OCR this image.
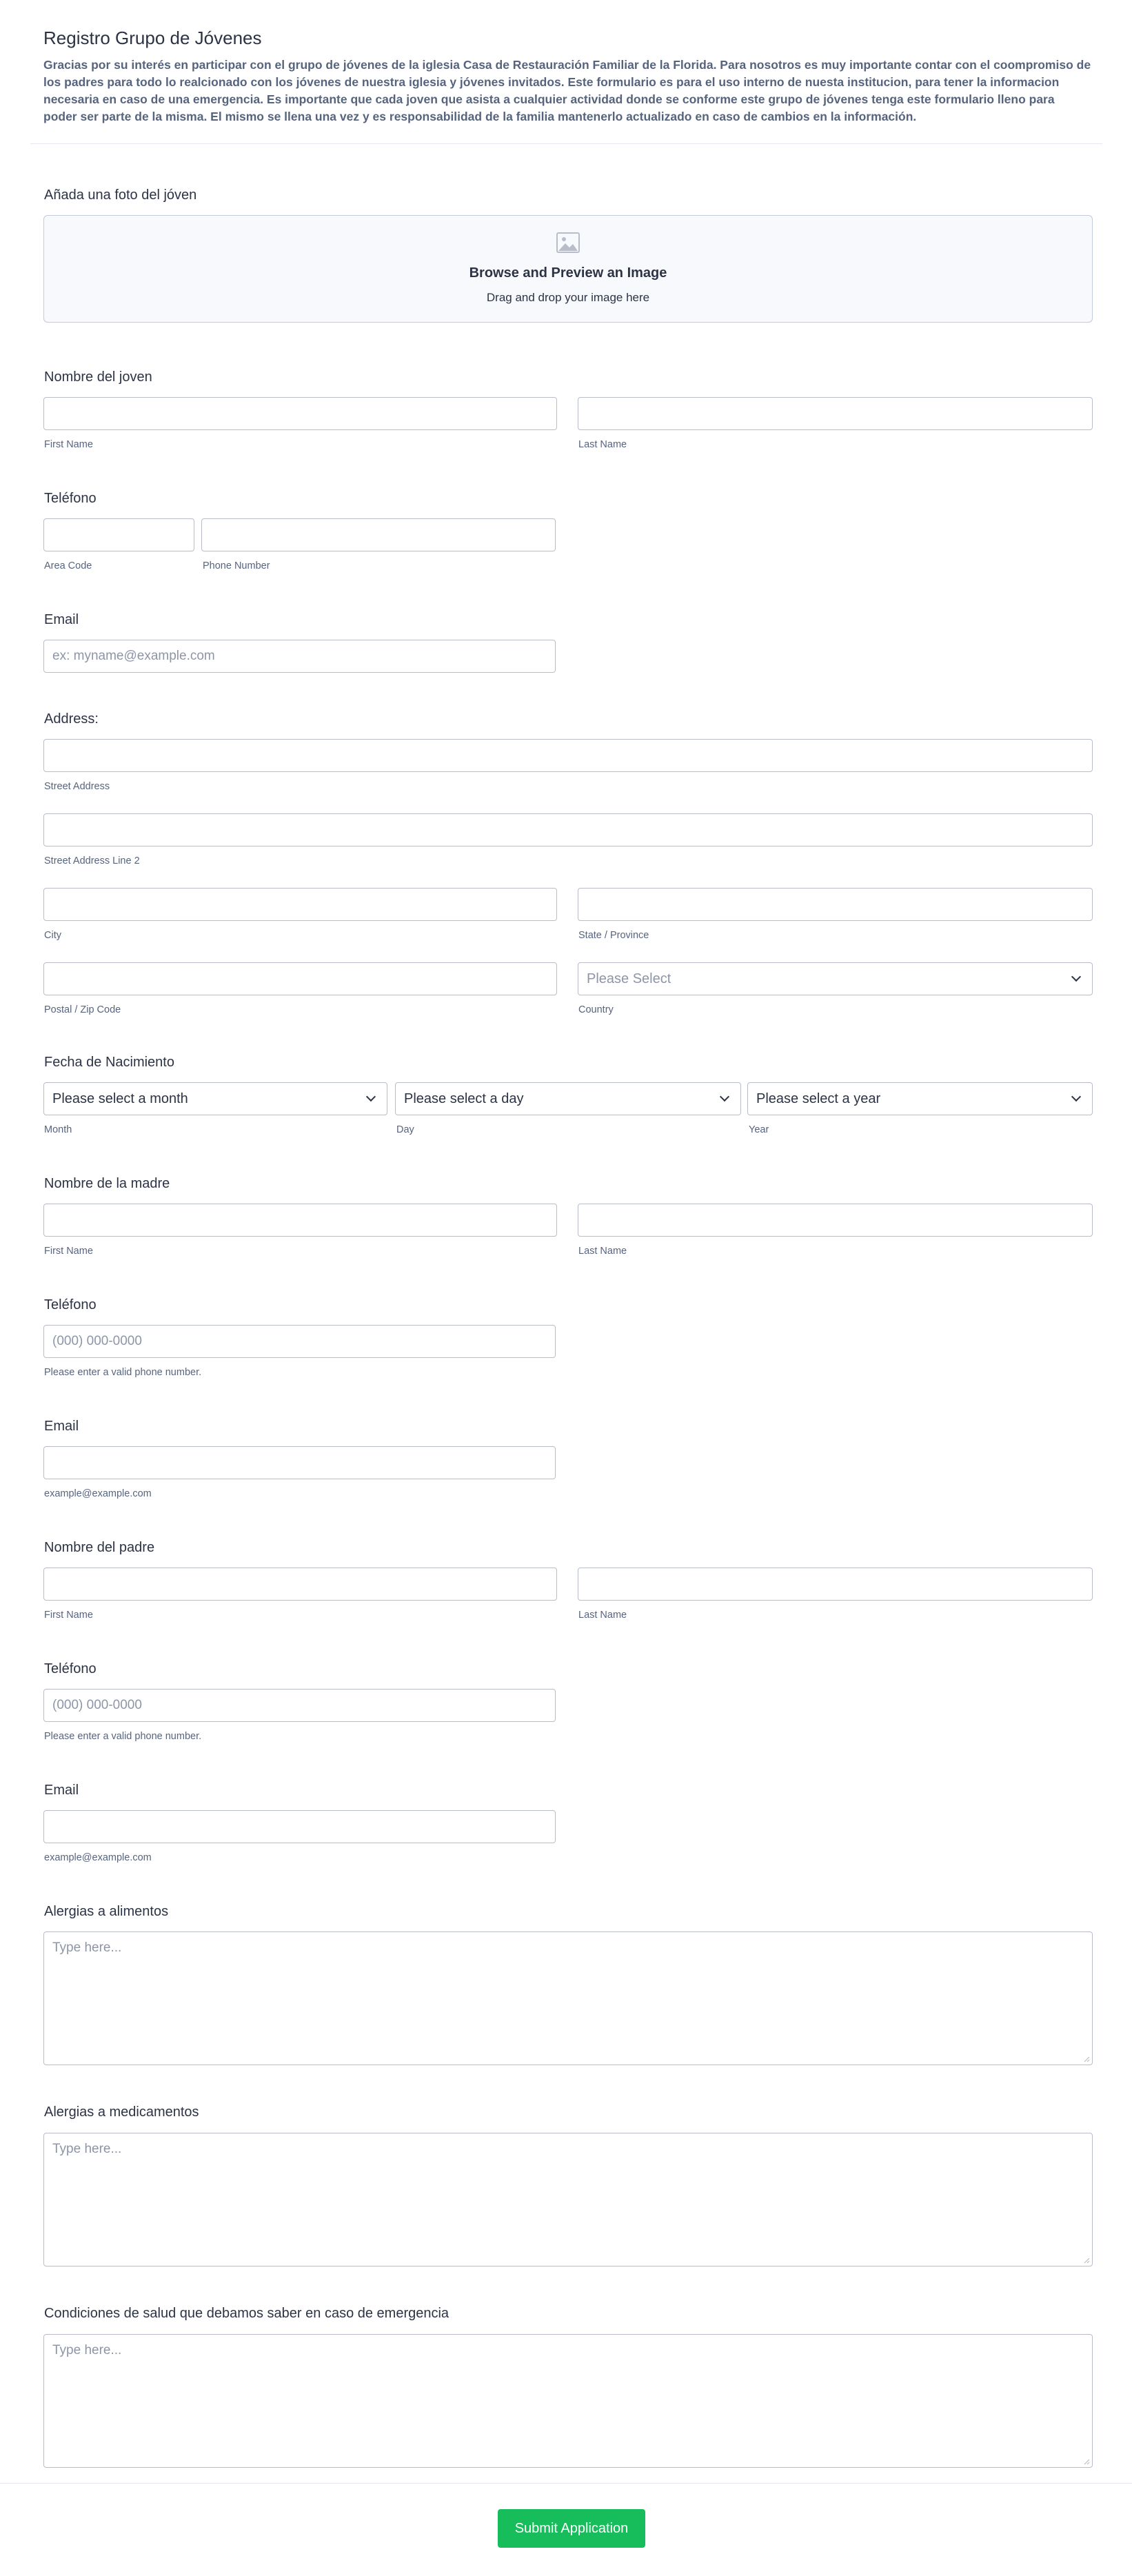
Registro Grupo de Jóvenes
Gracias por su interés en participar con el grupo de jóvenes de la iglesia Casa de Restauración Familiar de la Florida. Para nosotros es muy importante contar con el coompromiso de los padres para todo lo realcionado con los jóvenes de nuestra iglesia y jóvenes invitados. Este formulario es para el uso interno de nuesta institucion, para tener la informacion necesaria en caso de una emergencia. Es importante que cada joven que asista a cualquier actividad donde se conforme este grupo de jóvenes tenga este formulario lleno para poder ser parte de la misma. El mismo se llena una vez y es responsabilidad de la familia mantenerlo actualizado en caso de cambios en la información.
Añada una foto del jóven
Browse and Preview an Image
Drag and drop your image here
Nombre del joven
First Name	Last Name
Teléfono
Area Code	Phone Number
Email
ex: myname@example.com
Address:
Street Address
Street Address Line 2
City	State / Province
Please Select
Postal / Zip Code	Country
Fecha de Nacimiento
Please select a month	Please select a day	Please select a year
Month	Day	Year
Nombre de la madre
First Name	Last Name
Teléfono
(000) 000-0000
Please enter a valid phone number.
Email
example@example.com
Nombre del padre
First Name	Last Name
Teléfono
(000) 000-0000
Please enter a valid phone number.
Email
example@example.com
Alergias a alimentos
Type here...
Alergias a medicamentos
Type here...
Condiciones de salud que debamos saber en caso de emergencia
Type here...
Submit Application
